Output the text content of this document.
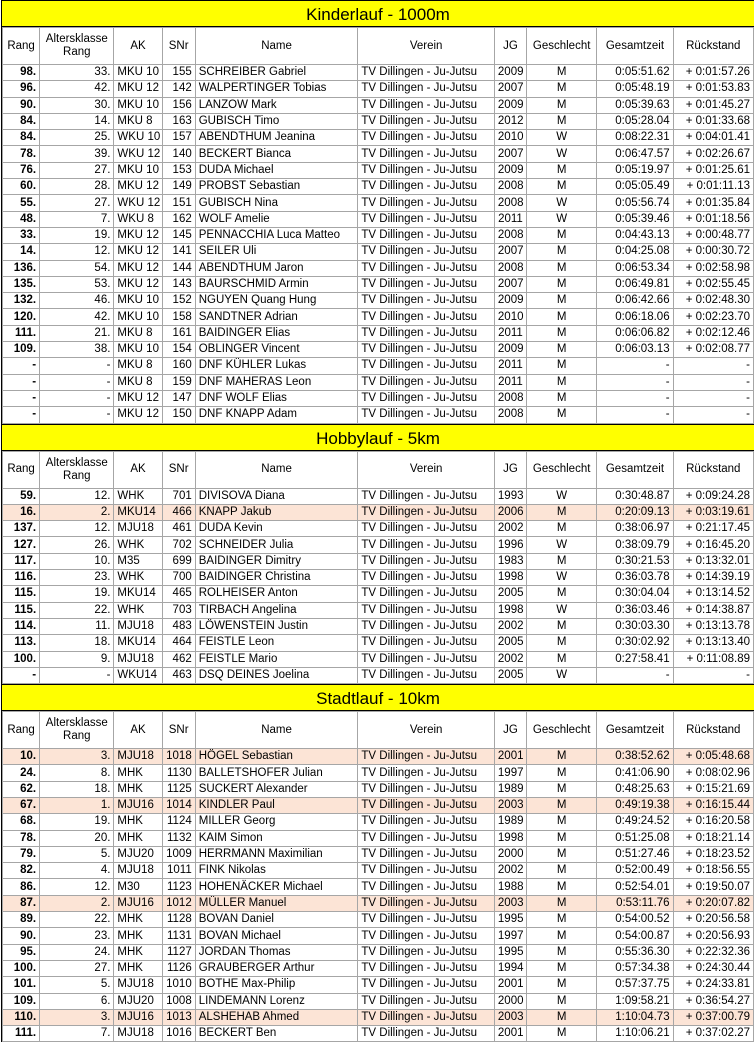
Kinderlauf - 1000m
Rang	Altersklasse Rang	AK	SNr	Name	Verein	JG	Geschlecht	Gesamtzeit	Rückstand
98.	33.	MKU 10	155	SCHREIBER Gabriel	TV Dillingen - Ju-Jutsu	2009	M	0:05:51.62	+ 0:01:57.26
96.	42.	MKU 12	142	WALPERTINGER Tobias	TV Dillingen - Ju-Jutsu	2007	M	0:05:48.19	+ 0:01:53.83
90.	30.	MKU 10	156	LANZOW Mark	TV Dillingen - Ju-Jutsu	2009	M	0:05:39.63	+ 0:01:45.27
84.	14.	MKU 8	163	GUBISCH Timo	TV Dillingen - Ju-Jutsu	2012	M	0:05:28.04	+ 0:01:33.68
84.	25.	WKU 10	157	ABENDTHUM Jeanina	TV Dillingen - Ju-Jutsu	2010	W	0:08:22.31	+ 0:04:01.41
78.	39.	WKU 12	140	BECKERT Bianca	TV Dillingen - Ju-Jutsu	2007	W	0:06:47.57	+ 0:02:26.67
76.	27.	MKU 10	153	DUDA Michael	TV Dillingen - Ju-Jutsu	2009	M	0:05:19.97	+ 0:01:25.61
60.	28.	MKU 12	149	PROBST Sebastian	TV Dillingen - Ju-Jutsu	2008	M	0:05:05.49	+ 0:01:11.13
55.	27.	WKU 12	151	GUBISCH Nina	TV Dillingen - Ju-Jutsu	2008	W	0:05:56.74	+ 0:01:35.84
48.	7.	WKU 8	162	WOLF Amelie	TV Dillingen - Ju-Jutsu	2011	W	0:05:39.46	+ 0:01:18.56
33.	19.	MKU 12	145	PENNACCHIA Luca Matteo	TV Dillingen - Ju-Jutsu	2008	M	0:04:43.13	+ 0:00:48.77
14.	12.	MKU 12	141	SEILER Uli	TV Dillingen - Ju-Jutsu	2007	M	0:04:25.08	+ 0:00:30.72
136.	54.	MKU 12	144	ABENDTHUM Jaron	TV Dillingen - Ju-Jutsu	2008	M	0:06:53.34	+ 0:02:58.98
135.	53.	MKU 12	143	BAURSCHMID Armin	TV Dillingen - Ju-Jutsu	2007	M	0:06:49.81	+ 0:02:55.45
132.	46.	MKU 10	152	NGUYEN Quang Hung	TV Dillingen - Ju-Jutsu	2009	M	0:06:42.66	+ 0:02:48.30
120.	42.	MKU 10	158	SANDTNER Adrian	TV Dillingen - Ju-Jutsu	2010	M	0:06:18.06	+ 0:02:23.70
111.	21.	MKU 8	161	BAIDINGER Elias	TV Dillingen - Ju-Jutsu	2011	M	0:06:06.82	+ 0:02:12.46
109.	38.	MKU 10	154	OBLINGER Vincent	TV Dillingen - Ju-Jutsu	2009	M	0:06:03.13	+ 0:02:08.77
-	-	MKU 8	160	DNF KÜHLER Lukas	TV Dillingen - Ju-Jutsu	2011	M	-	-
-	-	MKU 8	159	DNF MAHERAS Leon	TV Dillingen - Ju-Jutsu	2011	M	-	-
-	-	MKU 12	147	DNF WOLF Elias	TV Dillingen - Ju-Jutsu	2008	M	-	-
-	-	MKU 12	150	DNF KNAPP Adam	TV Dillingen - Ju-Jutsu	2008	M	-	-
Hobbylauf - 5km
Rang	Altersklasse Rang	AK	SNr	Name	Verein	JG	Geschlecht	Gesamtzeit	Rückstand
59.	12.	WHK	701	DIVISOVA Diana	TV Dillingen - Ju-Jutsu	1993	W	0:30:48.87	+ 0:09:24.28
16.	2.	MKU14	466	KNAPP Jakub	TV Dillingen - Ju-Jutsu	2006	M	0:20:09.13	+ 0:03:19.61
137.	12.	MJU18	461	DUDA Kevin	TV Dillingen - Ju-Jutsu	2002	M	0:38:06.97	+ 0:21:17.45
127.	26.	WHK	702	SCHNEIDER Julia	TV Dillingen - Ju-Jutsu	1996	W	0:38:09.79	+ 0:16:45.20
117.	10.	M35	699	BAIDINGER Dimitry	TV Dillingen - Ju-Jutsu	1983	M	0:30:21.53	+ 0:13:32.01
116.	23.	WHK	700	BAIDINGER Christina	TV Dillingen - Ju-Jutsu	1998	W	0:36:03.78	+ 0:14:39.19
115.	19.	MKU14	465	ROLHEISER Anton	TV Dillingen - Ju-Jutsu	2005	M	0:30:04.04	+ 0:13:14.52
115.	22.	WHK	703	TIRBACH Angelina	TV Dillingen - Ju-Jutsu	1998	W	0:36:03.46	+ 0:14:38.87
114.	11.	MJU18	483	LÖWENSTEIN Justin	TV Dillingen - Ju-Jutsu	2002	M	0:30:03.30	+ 0:13:13.78
113.	18.	MKU14	464	FEISTLE Leon	TV Dillingen - Ju-Jutsu	2005	M	0:30:02.92	+ 0:13:13.40
100.	9.	MJU18	462	FEISTLE Mario	TV Dillingen - Ju-Jutsu	2002	M	0:27:58.41	+ 0:11:08.89
-	-	WKU14	463	DSQ DEINES Joelina	TV Dillingen - Ju-Jutsu	2005	W	-	-
Stadtlauf - 10km
Rang	Altersklasse Rang	AK	SNr	Name	Verein	JG	Geschlecht	Gesamtzeit	Rückstand
10.	3.	MJU18	1018	HÖGEL Sebastian	TV Dillingen - Ju-Jutsu	2001	M	0:38:52.62	+ 0:05:48.68
24.	8.	MHK	1130	BALLETSHOFER Julian	TV Dillingen - Ju-Jutsu	1997	M	0:41:06.90	+ 0:08:02.96
62.	18.	MHK	1125	SUCKERT Alexander	TV Dillingen - Ju-Jutsu	1989	M	0:48:25.63	+ 0:15:21.69
67.	1.	MJU16	1014	KINDLER Paul	TV Dillingen - Ju-Jutsu	2003	M	0:49:19.38	+ 0:16:15.44
68.	19.	MHK	1124	MILLER Georg	TV Dillingen - Ju-Jutsu	1989	M	0:49:24.52	+ 0:16:20.58
78.	20.	MHK	1132	KAIM Simon	TV Dillingen - Ju-Jutsu	1998	M	0:51:25.08	+ 0:18:21.14
79.	5.	MJU20	1009	HERRMANN Maximilian	TV Dillingen - Ju-Jutsu	2000	M	0:51:27.46	+ 0:18:23.52
82.	4.	MJU18	1011	FINK Nikolas	TV Dillingen - Ju-Jutsu	2002	M	0:52:00.49	+ 0:18:56.55
86.	12.	M30	1123	HOHENÄCKER Michael	TV Dillingen - Ju-Jutsu	1988	M	0:52:54.01	+ 0:19:50.07
87.	2.	MJU16	1012	MÜLLER Manuel	TV Dillingen - Ju-Jutsu	2003	M	0:53:11.76	+ 0:20:07.82
89.	22.	MHK	1128	BOVAN Daniel	TV Dillingen - Ju-Jutsu	1995	M	0:54:00.52	+ 0:20:56.58
90.	23.	MHK	1131	BOVAN Michael	TV Dillingen - Ju-Jutsu	1997	M	0:54:00.87	+ 0:20:56.93
95.	24.	MHK	1127	JORDAN Thomas	TV Dillingen - Ju-Jutsu	1995	M	0:55:36.30	+ 0:22:32.36
100.	27.	MHK	1126	GRAUBERGER Arthur	TV Dillingen - Ju-Jutsu	1994	M	0:57:34.38	+ 0:24:30.44
101.	5.	MJU18	1010	BOTHE Max-Philip	TV Dillingen - Ju-Jutsu	2001	M	0:57:37.75	+ 0:24:33.81
109.	6.	MJU20	1008	LINDEMANN Lorenz	TV Dillingen - Ju-Jutsu	2000	M	1:09:58.21	+ 0:36:54.27
110.	3.	MJU16	1013	ALSHEHAB Ahmed	TV Dillingen - Ju-Jutsu	2003	M	1:10:04.73	+ 0:37:00.79
111.	7.	MJU18	1016	BECKERT Ben	TV Dillingen - Ju-Jutsu	2001	M	1:10:06.21	+ 0:37:02.27
